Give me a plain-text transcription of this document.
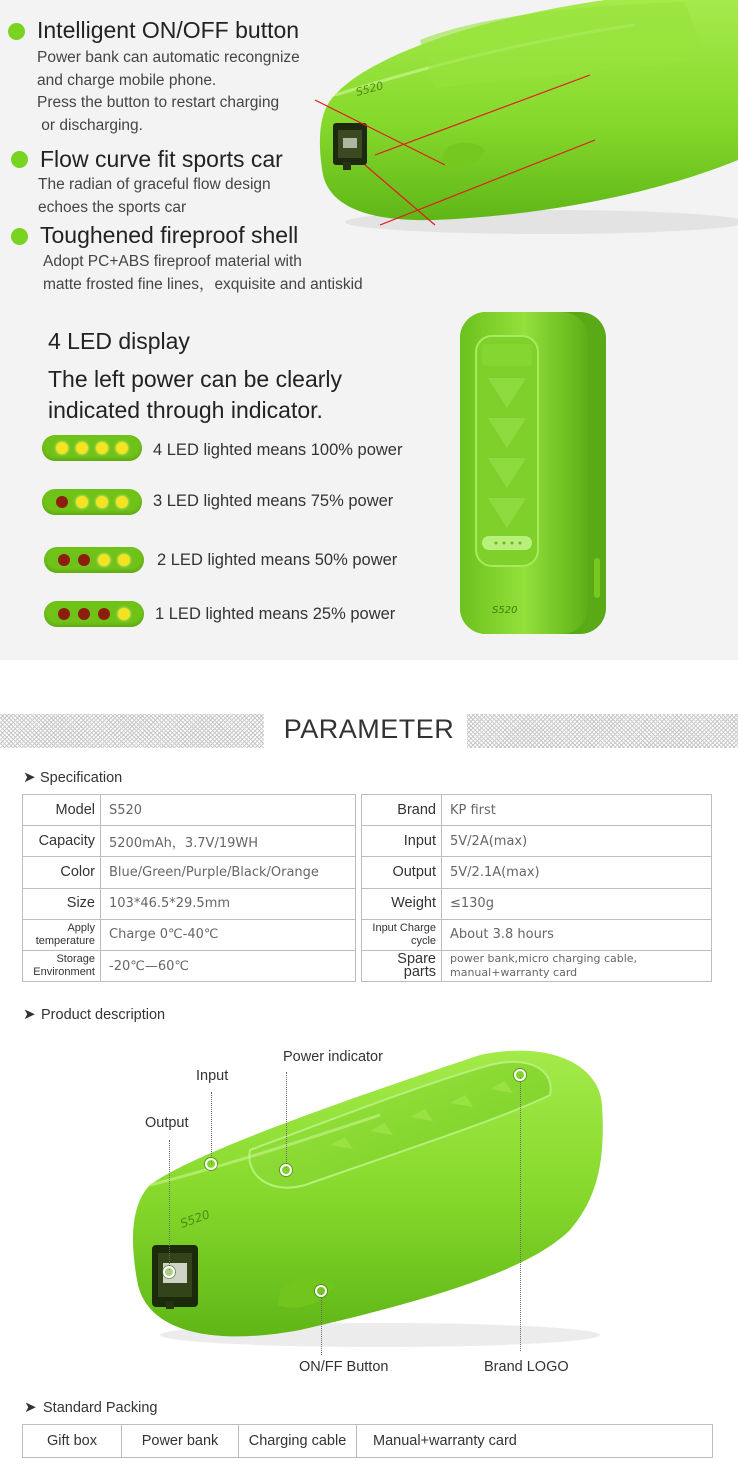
S520
Intelligent ON/OFF button
Power bank can automatic recongnize
and charge mobile phone.
Press the button to restart charging
or discharging.
Flow curve fit sports car
The radian of graceful flow design
echoes the sports car
Toughened fireproof shell
Adopt PC+ABS fireproof material with
matte frosted fine lines，exquisite and antiskid
4 LED display
The left power can be clearly
indicated through indicator.
4 LED lighted means 100% power
3 LED lighted means 75% power
2 LED lighted means 50% power
1 LED lighted means 25% power	S520
PARAMETER
➤ Specification
Model	S520
Capacity	5200mAh，3.7V/19WH
Color	Blue/Green/Purple/Black/Orange
Size	103*46.5*29.5mm
Apply temperature	Charge 0℃-40℃
Storage Environment	-20℃—60℃
Brand	KP first
Input	5V/2A(max)
Output	5V/2.1A(max)
Weight	≤130g
Input Charge cycle	About 3.8 hours
Spare parts	power bank,micro charging cable, manual+warranty card
➤ Product description
S520
Input
Output
Power indicator
ON/FF Button	Brand LOGO
➤ Standard Packing
Gift box	Power bank	Charging cable	Manual+warranty card
